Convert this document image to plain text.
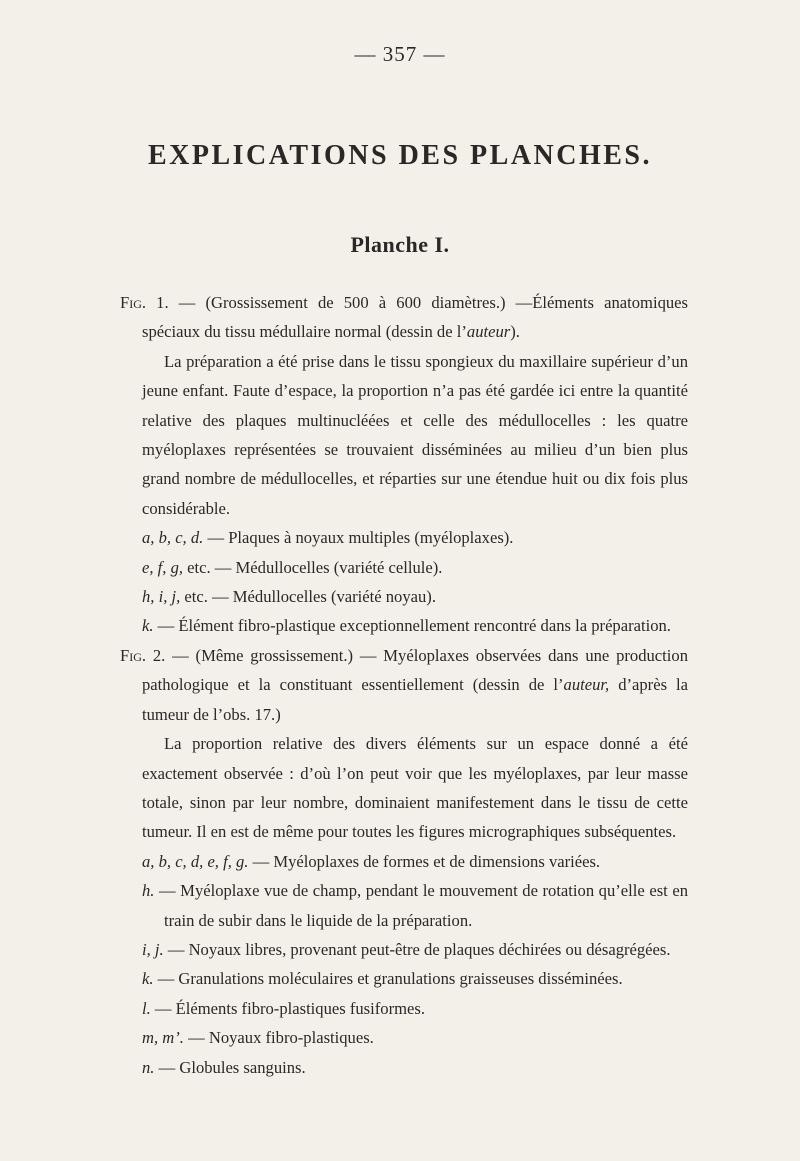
— 357 —
EXPLICATIONS DES PLANCHES.
Planche I.

Fig. 1. — (Grossissement de 500 à 600 diamètres.) —Éléments anatomiques spéciaux du tissu médullaire normal (dessin de l’auteur).

La préparation a été prise dans le tissu spongieux du maxillaire supérieur d’un jeune enfant. Faute d’espace, la proportion n’a pas été gardée ici entre la quantité relative des plaques multinucléées et celle des médullocelles : les quatre myéloplaxes représentées se trouvaient disséminées au milieu d’un bien plus grand nombre de médullocelles, et réparties sur une étendue huit ou dix fois plus considérable.

a, b, c, d. — Plaques à noyaux multiples (myéloplaxes).

e, f, g, etc. — Médullocelles (variété cellule).

h, i, j, etc. — Médullocelles (variété noyau).

k. — Élément fibro-plastique exceptionnellement rencontré dans la préparation.

Fig. 2. — (Même grossissement.) — Myéloplaxes observées dans une production pathologique et la constituant essentiellement (dessin de l’auteur, d’après la tumeur de l’obs. 17.)

La proportion relative des divers éléments sur un espace donné a été exactement observée : d’où l’on peut voir que les myéloplaxes, par leur masse totale, sinon par leur nombre, dominaient manifestement dans le tissu de cette tumeur. Il en est de même pour toutes les figures micrographiques subséquentes.

a, b, c, d, e, f, g. — Myéloplaxes de formes et de dimensions variées.

h. — Myéloplaxe vue de champ, pendant le mouvement de rotation qu’elle est en train de subir dans le liquide de la préparation.

i, j. — Noyaux libres, provenant peut-être de plaques déchirées ou désagrégées.

k. — Granulations moléculaires et granulations graisseuses disséminées.

l. — Éléments fibro-plastiques fusiformes.

m, m’. — Noyaux fibro-plastiques.

n. — Globules sanguins.
